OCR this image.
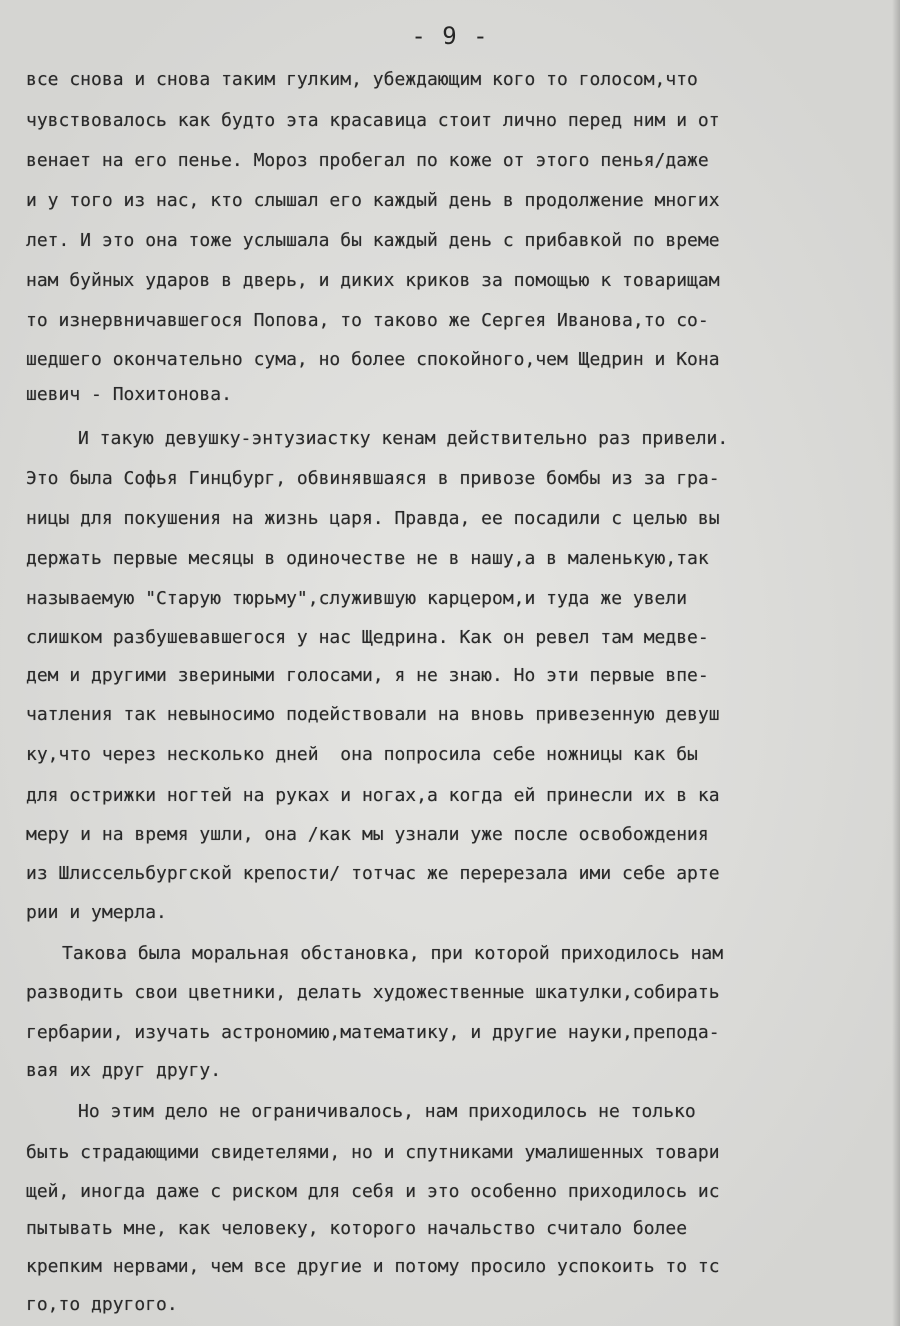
- 9 -
все снова и снова таким гулким, убеждающим кого то голосом,что
чувствовалось как будто эта красавица стоит лично перед ним и от
венает на его пенье. Мороз пробегал по коже от этого пенья/даже
и у того из нас, кто слышал его каждый день в продолжение многих
лет. И это она тоже услышала бы каждый день с прибавкой по време
нам буйных ударов в дверь, и диких криков за помощью к товарищам
то изнервничавшегося Попова, то таково же Сергея Иванова,то со-
шедшего окончательно сума, но более спокойного,чем Щедрин и Кона
шевич - Похитонова.
И такую девушку-энтузиастку кенам действительно раз привели.
Это была Софья Гинцбург, обвинявшаяся в привозе бомбы из за гра-
ницы для покушения на жизнь царя. Правда, ее посадили с целью вы
держать первые месяцы в одиночестве не в нашу,а в маленькую,так
называемую "Старую тюрьму",служившую карцером,и туда же увели
слишком разбушевавшегося у нас Щедрина. Как он ревел там медве-
дем и другими звериными голосами, я не знаю. Но эти первые впе-
чатления так невыносимо подействовали на вновь привезенную девуш
ку,что через несколько дней  она попросила себе ножницы как бы
для острижки ногтей на руках и ногах,а когда ей принесли их в ка
меру и на время ушли, она /как мы узнали уже после освобождения
из Шлиссельбургской крепости/ тотчас же перерезала ими себе арте
рии и умерла.
Такова была моральная обстановка, при которой приходилось нам
разводить свои цветники, делать художественные шкатулки,собирать
гербарии, изучать астрономию,математику, и другие науки,препода-
вая их друг другу.
Но этим дело не ограничивалось, нам приходилось не только
быть страдающими свидетелями, но и спутниками умалишенных товари
щей, иногда даже с риском для себя и это особенно приходилось ис
пытывать мне, как человеку, которого начальство считало более
крепким нервами, чем все другие и потому просило успокоить то тс
го,то другого.
